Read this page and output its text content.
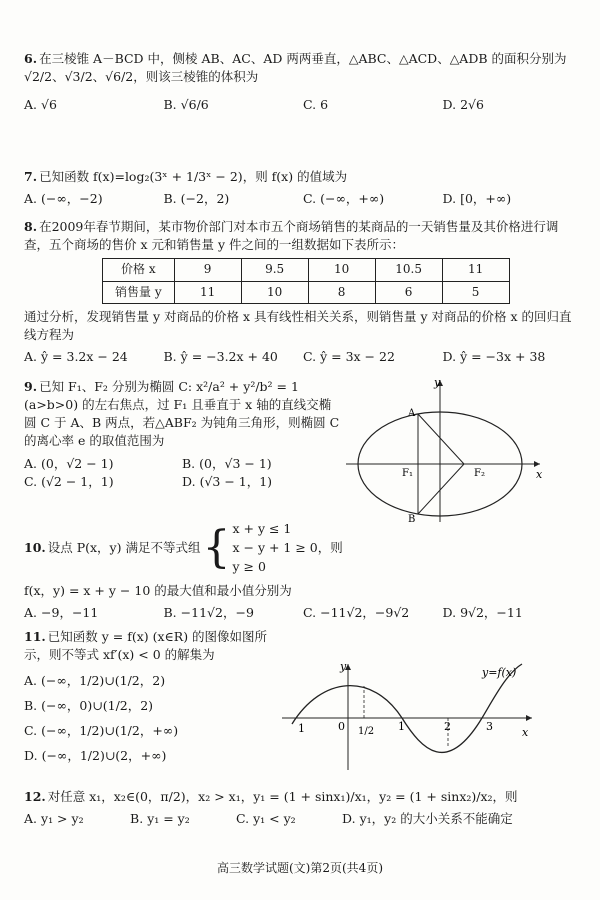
6. 在三棱锥 A－BCD 中，侧棱 AB、AC、AD 两两垂直，△ABC、△ACD、△ADB 的面积分别为 √2/2、√3/2、√6/2，则该三棱锥的体积为
A. √6	B. √6/6	C. 6	D. 2√6
7. 已知函数 f(x)=log₂(3ˣ + 1/3ˣ − 2)，则 f(x) 的值域为
A. (−∞，−2)	B. (−2，2)	C. (−∞，+∞)	D. [0，+∞)
8. 在2009年春节期间，某市物价部门对本市五个商场销售的某商品的一天销售量及其价格进行调查，五个商场的售价 x 元和销售量 y 件之间的一组数据如下表所示：
价格 x	9	9.5	10	10.5	11
销售量 y	11	10	8	6	5
通过分析，发现销售量 y 对商品的价格 x 具有线性相关关系，则销售量 y 对商品的价格 x 的回归直线方程为
A. ŷ = 3.2x − 24	B. ŷ = −3.2x + 40	C. ŷ = 3x − 22	D. ŷ = −3x + 38
9. 已知 F₁、F₂ 分别为椭圆 C: x²/a² + y²/b² = 1 (a>b>0) 的左右焦点，过 F₁ 且垂直于 x 轴的直线交椭圆 C 于 A、B 两点，若△ABF₂ 为钝角三角形，则椭圆 C 的离心率 e 的取值范围为
A. (0，√2 − 1)	B. (0，√3 − 1)
C. (√2 − 1，1)	D. (√3 − 1，1)
y
x
A
B
F₁	F₂
10. 设点 P(x，y) 满足不等式组 { x + y ≤ 1
x − y + 1 ≥ 0，则
y ≥ 0
f(x，y) = x + y − 10 的最大值和最小值分别为
A. −9，−11	B. −11√2，−9	C. −11√2，−9√2	D. 9√2，−11
11. 已知函数 y = f(x) (x∈R) 的图像如图所示，则不等式 xf′(x) < 0 的解集为
A. (−∞，1/2)∪(1/2，2)
B. (−∞，0)∪(1/2，2)
C. (−∞，1/2)∪(1/2，+∞)
D. (−∞，1/2)∪(2，+∞)
y
x
y=f(x)
1	0 1/2 1	2	3
12. 对任意 x₁，x₂∈(0，π/2)，x₂ > x₁，y₁ = (1 + sinx₁)/x₁，y₂ = (1 + sinx₂)/x₂，则
A. y₁ > y₂	B. y₁ = y₂	C. y₁ < y₂	D. y₁，y₂ 的大小关系不能确定
高三数学试题(文)第2页(共4页)
